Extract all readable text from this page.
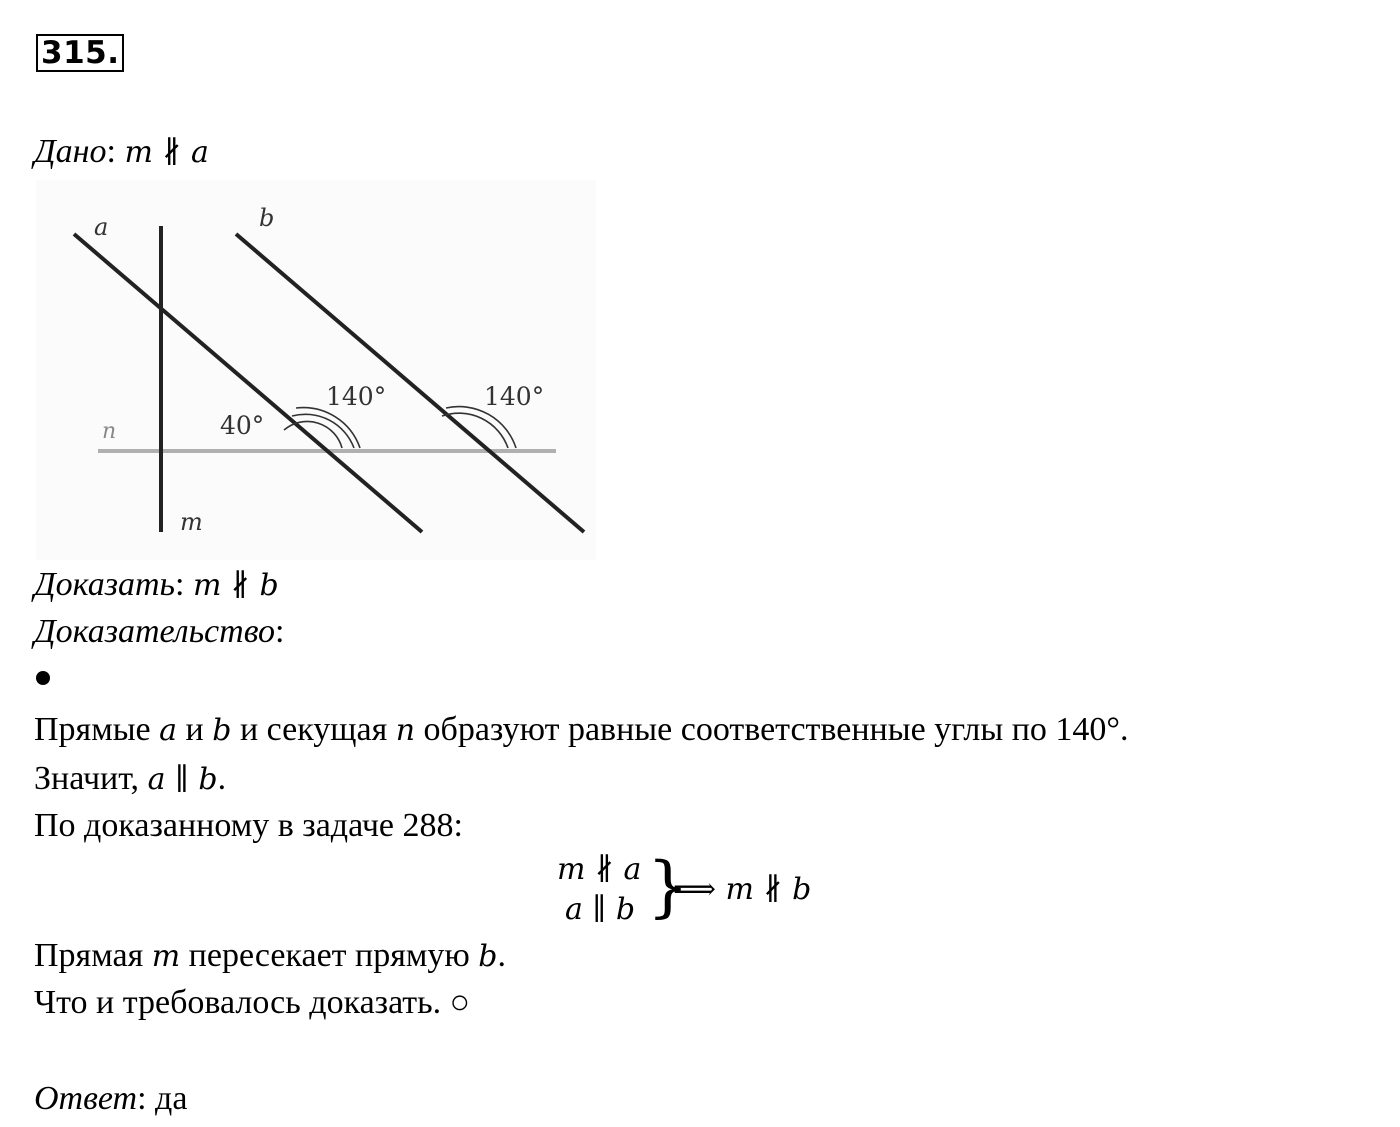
315.
Дано: m ∦ a
a	b
m
n	40°
140°	140°
Доказать: m ∦ b
Доказательство:
Прямые a и b и секущая n образуют равные соответственные углы по 140°.
Значит, a ∥ b.
По доказанному в задаче 288:
m ∦ a
a ∥ b }
⟹ m ∦ b
Прямая m пересекает прямую b.
Что и требовалось доказать. ○
Ответ: да
